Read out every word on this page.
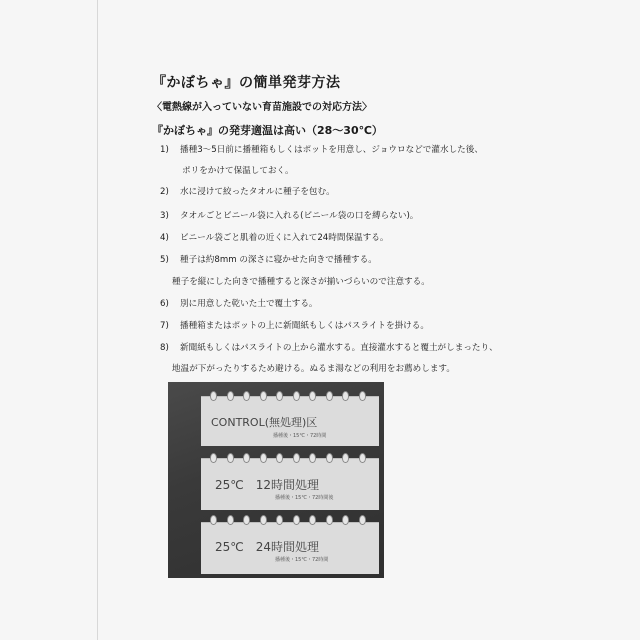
『かぼちゃ』の簡単発芽方法
〈電熱線が入っていない育苗施設での対応方法〉
『かぼちゃ』の発芽適温は高い（28～30℃）
1) 播種3～5日前に播種箱もしくはポットを用意し、ジョウロなどで灌水した後、
ポリをかけて保温しておく。
2) 水に浸けて絞ったタオルに種子を包む。
3) タオルごとビニール袋に入れる(ビニール袋の口を縛らない)。
4) ビニール袋ごと肌着の近くに入れて24時間保温する。
5) 種子は約8mm の深さに寝かせた向きで播種する。
種子を縦にした向きで播種すると深さが揃いづらいので注意する。
6) 別に用意した乾いた土で覆土する。
7) 播種箱またはポットの上に新聞紙もしくはパスライトを掛ける。
8) 新聞紙もしくはパスライトの上から灌水する。直接灌水すると覆土がしまったり、
地温が下がったりするため避ける。ぬるま湯などの利用をお薦めします。
CONTROL(無処理)区
播種後・15℃・72時間
25℃　12時間処理
播種後・15℃・72時間後
25℃　24時間処理
播種後・15℃・72時間
